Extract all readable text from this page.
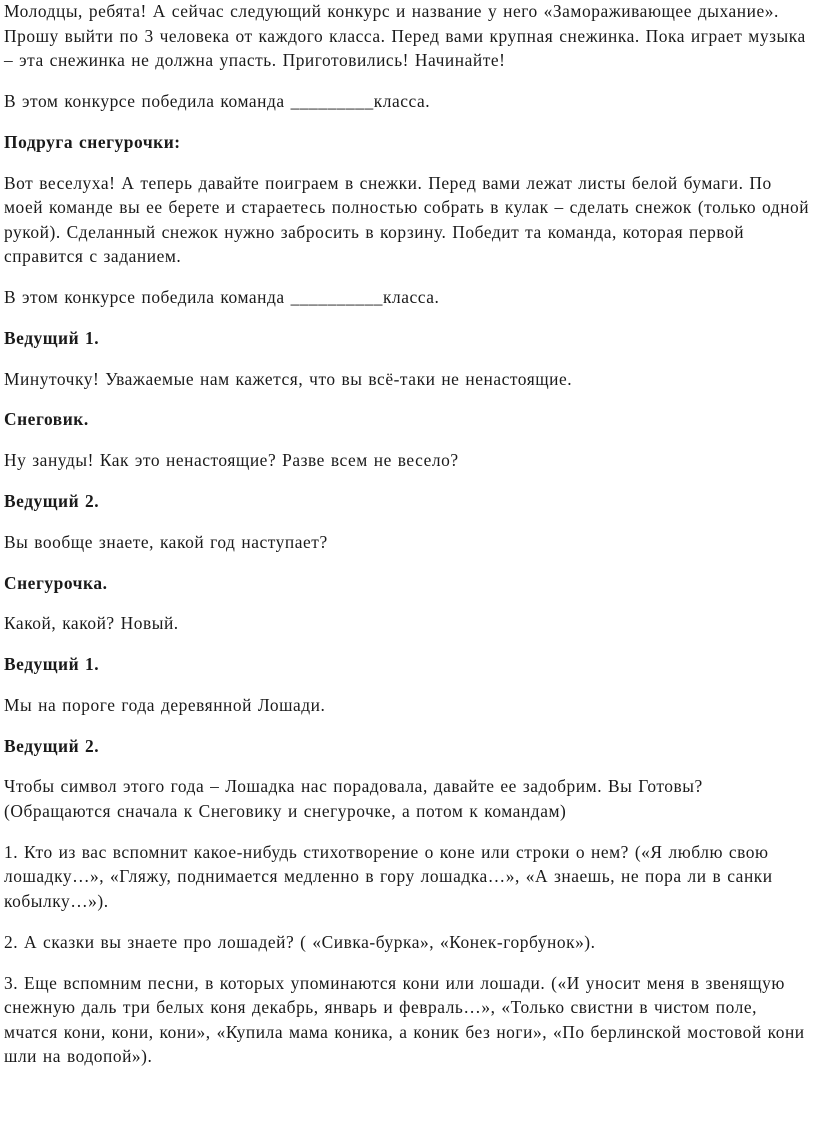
Молодцы, ребята! А сейчас следующий конкурс и название у него «Замораживающее дыхание». Прошу выйти по 3 человека от каждого класса. Перед вами крупная снежинка. Пока играет музыка – эта снежинка не должна упасть. Приготовились! Начинайте!

В этом конкурсе победила команда _________класса.

Подруга снегурочки:

Вот веселуха! А теперь давайте поиграем в снежки. Перед вами лежат листы белой бумаги. По моей команде вы ее берете и стараетесь полностью собрать в кулак – сделать снежок (только одной рукой). Сделанный снежок нужно забросить в корзину. Победит та команда, которая первой справится с заданием.

В этом конкурсе победила команда __________класса.

Ведущий 1.

Минуточку! Уважаемые нам кажется, что вы всё-таки не ненастоящие.

Снеговик.

Ну зануды! Как это ненастоящие? Разве всем не весело?

Ведущий 2.

Вы вообще знаете, какой год наступает?

Снегурочка.

Какой, какой? Новый.

Ведущий 1.

Мы на пороге года деревянной Лошади.

Ведущий 2.

Чтобы символ этого года – Лошадка нас порадовала, давайте ее задобрим. Вы Готовы? (Обращаются сначала к Снеговику и снегурочке, а потом к командам)

1. Кто из вас вспомнит какое-нибудь стихотворение о коне или строки о нем? («Я люблю свою лошадку…», «Гляжу, поднимается медленно в гору лошадка…», «А знаешь, не пора ли в санки кобылку…»).

2. А сказки вы знаете про лошадей? ( «Сивка-бурка», «Конек-горбунок»).

3. Еще вспомним песни, в которых упоминаются кони или лошади. («И уносит меня в звенящую снежную даль три белых коня декабрь, январь и февраль…», «Только свистни в чистом поле, мчатся кони, кони, кони», «Купила мама коника, а коник без ноги», «По берлинской мостовой кони шли на водопой»).
